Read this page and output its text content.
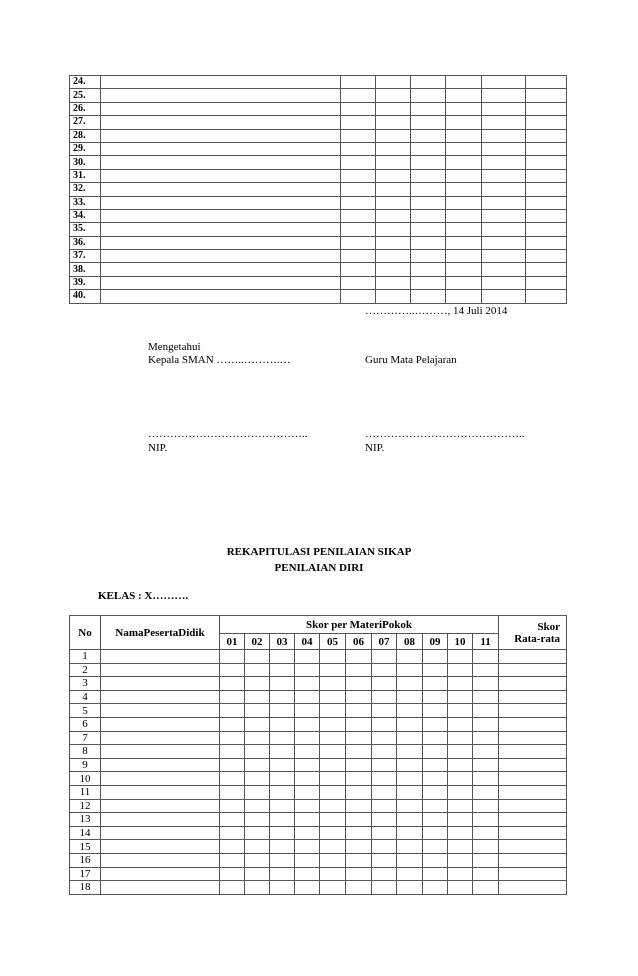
24.							
25.							
26.							
27.							
28.							
29.							
30.							
31.							
32.							
33.							
34.							
35.							
36.							
37.							
38.							
39.							
40.							
…………..………, 14 Juli 2014
Mengetahui
Kepala SMAN ……..……….…	Guru Mata Pelajaran
……………………………………..	……………………………………..
NIP.	NIP.
REKAPITULASI PENILAIAN SIKAP
PENILAIAN DIRI
KELAS : X……….
No	NamaPesertaDidik	Skor per MateriPokok											Skor
Rata-rata
		01	02	03	04	05	06	07	08	09	10	11	
1													
2													
3													
4													
5													
6													
7													
8													
9													
10													
11													
12													
13													
14													
15													
16													
17													
18													
